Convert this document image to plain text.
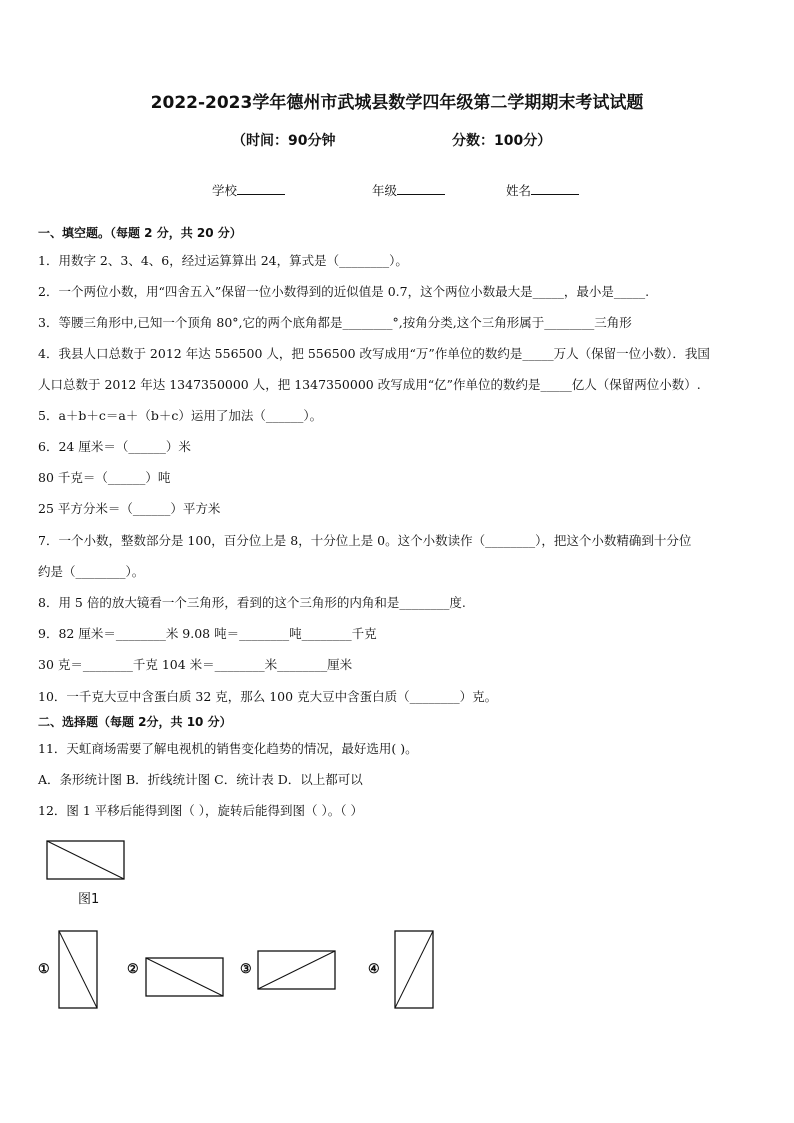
2022-2023学年德州市武城县数学四年级第二学期期末考试试题
（时间：90分钟	分数：100分）
学校	年级	姓名
一、填空题。（每题 2 分，共 20 分）
1．用数字 2、3、4、6，经过运算算出 24，算式是（________）。
2．一个两位小数，用“四舍五入”保留一位小数得到的近似值是 0.7，这个两位小数最大是_____，最小是_____.
3．等腰三角形中,已知一个顶角 80°,它的两个底角都是________°,按角分类,这个三角形属于________三角形
4．我县人口总数于 2012 年达 556500 人，把 556500 改写成用“万”作单位的数约是_____万人（保留一位小数）．我国
人口总数于 2012 年达 1347350000 人，把 1347350000 改写成用“亿”作单位的数约是_____亿人（保留两位小数）.
5．a＋b＋c＝a＋（b＋c）运用了加法（______）。
6．24 厘米＝（______）米
80 千克＝（______）吨
25 平方分米＝（______）平方米
7．一个小数，整数部分是 100，百分位上是 8，十分位上是 0。这个小数读作（________），把这个小数精确到十分位
约是（________）。
8．用 5 倍的放大镜看一个三角形，看到的这个三角形的内角和是________度.
9．82 厘米＝________米 9.08 吨＝________吨________千克
30 克＝________千克 104 米＝________米________厘米
10．一千克大豆中含蛋白质 32 克，那么 100 克大豆中含蛋白质（________）克。
二、选择题（每题 2分，共 10 分）
11．天虹商场需要了解电视机的销售变化趋势的情况，最好选用( )。
A．条形统计图 B．折线统计图 C．统计表 D．以上都可以
12．图 1 平移后能得到图（ ），旋转后能得到图（ ）。（ ）
图1
①	②	③	④
